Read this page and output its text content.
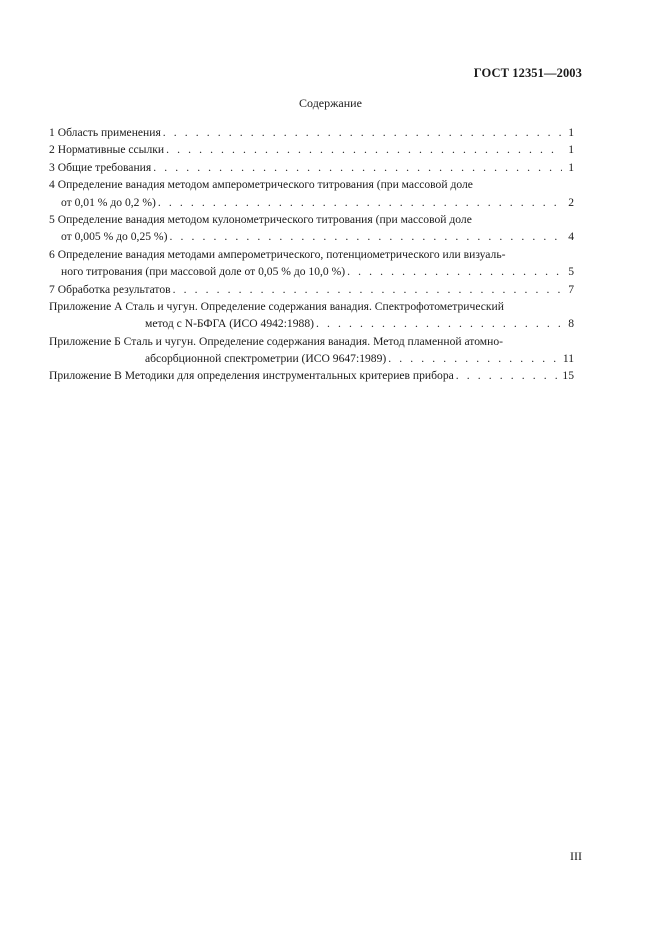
ГОСТ 12351—2003
Содержание
1 Область применения . . .	1
2 Нормативные ссылки . . .	1
3 Общие требования . . .	1
4 Определение ванадия методом амперометрического титрования (при массовой доле
от 0,01 % до 0,2 %) . . .	2
5 Определение ванадия методом кулонометрического титрования (при массовой доле
от 0,005 % до 0,25 %) . . .	4
6 Определение ванадия методами амперометрического, потенциометрического или визуаль-
ного титрования (при массовой доле от 0,05 % до 10,0 %) . . .	5
7 Обработка результатов . . .	7
Приложение А Сталь и чугун. Определение содержания ванадия. Спектрофотометрический
метод с N-БФГА (ИСО 4942:1988) . . .	8
Приложение Б Сталь и чугун. Определение содержания ванадия. Метод пламенной атомно-
абсорбционной спектрометрии (ИСО 9647:1989) . . .	11
Приложение В Методики для определения инструментальных критериев прибора . . .	15
III
